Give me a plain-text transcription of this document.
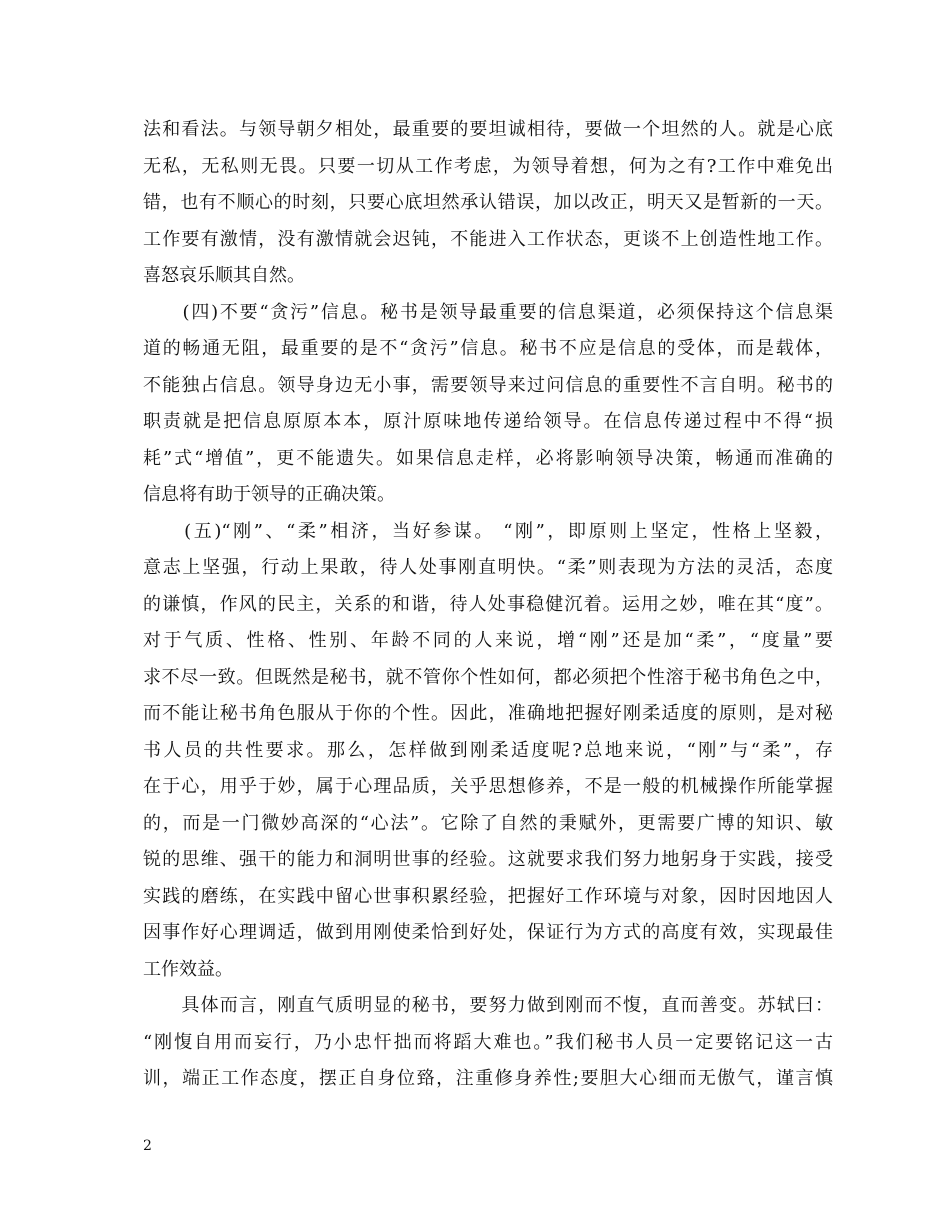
法和看法。与领导朝夕相处，最重要的要坦诚相待，要做一个坦然的人。就是心底
无私，无私则无畏。只要一切从工作考虑，为领导着想，何为之有?工作中难免出
错，也有不顺心的时刻，只要心底坦然承认错误，加以改正，明天又是暂新的一天。
工作要有激情，没有激情就会迟钝，不能进入工作状态，更谈不上创造性地工作。
喜怒哀乐顺其自然。
　　(四)不要“贪污”信息。秘书是领导最重要的信息渠道，必须保持这个信息渠
道的畅通无阻，最重要的是不“贪污”信息。秘书不应是信息的受体，而是载体，
不能独占信息。领导身边无小事，需要领导来过问信息的重要性不言自明。秘书的
职责就是把信息原原本本，原汁原味地传递给领导。在信息传递过程中不得“损
耗”式“增值”，更不能遗失。如果信息走样，必将影响领导决策，畅通而准确的
信息将有助于领导的正确决策。
　　(五)“刚”、“柔”相济，当好参谋。 “刚”，即原则上坚定，性格上坚毅，
意志上坚强，行动上果敢，待人处事刚直明快。“柔”则表现为方法的灵活，态度
的谦慎，作风的民主，关系的和谐，待人处事稳健沉着。运用之妙，唯在其“度”。
对于气质、性格、性别、年龄不同的人来说，增“刚”还是加“柔”，“度量”要
求不尽一致。但既然是秘书，就不管你个性如何，都必须把个性溶于秘书角色之中，
而不能让秘书角色服从于你的个性。因此，准确地把握好刚柔适度的原则，是对秘
书人员的共性要求。那么，怎样做到刚柔适度呢?总地来说，“刚”与“柔”，存
在于心，用乎于妙，属于心理品质，关乎思想修养，不是一般的机械操作所能掌握
的，而是一门微妙高深的“心法”。它除了自然的秉赋外，更需要广博的知识、敏
锐的思维、强干的能力和洞明世事的经验。这就要求我们努力地躬身于实践，接受
实践的磨练，在实践中留心世事积累经验，把握好工作环境与对象，因时因地因人
因事作好心理调适，做到用刚使柔恰到好处，保证行为方式的高度有效，实现最佳
工作效益。
　　具体而言，刚直气质明显的秘书，要努力做到刚而不愎，直而善变。苏轼曰：
“刚愎自用而妄行，乃小忠忓拙而将蹈大难也。”我们秘书人员一定要铭记这一古
训，端正工作态度，摆正自身位臵，注重修身养性;要胆大心细而无傲气，谨言慎
2
